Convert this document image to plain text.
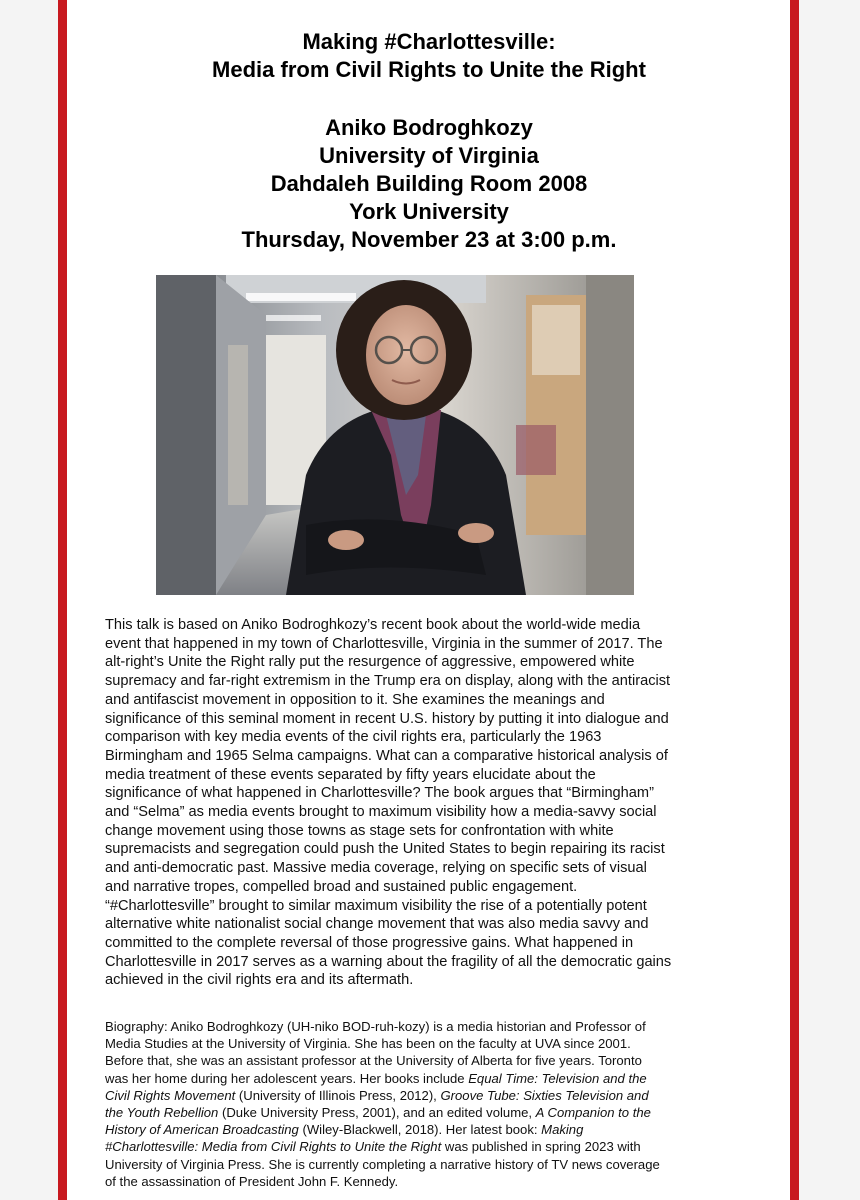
Making #Charlottesville:
Media from Civil Rights to Unite the Right
Aniko Bodroghkozy
University of Virginia
Dahdaleh Building Room 2008
York University
Thursday, November 23 at 3:00 p.m.
This talk is based on Aniko Bodroghkozy’s recent book about the world-wide media
event that happened in my town of Charlottesville, Virginia in the summer of 2017. The
alt-right’s Unite the Right rally put the resurgence of aggressive, empowered white
supremacy and far-right extremism in the Trump era on display, along with the antiracist
and antifascist movement in opposition to it. She examines the meanings and
significance of this seminal moment in recent U.S. history by putting it into dialogue and
comparison with key media events of the civil rights era, particularly the 1963
Birmingham and 1965 Selma campaigns. What can a comparative historical analysis of
media treatment of these events separated by fifty years elucidate about the
significance of what happened in Charlottesville? The book argues that “Birmingham”
and “Selma” as media events brought to maximum visibility how a media-savvy social
change movement using those towns as stage sets for confrontation with white
supremacists and segregation could push the United States to begin repairing its racist
and anti-democratic past. Massive media coverage, relying on specific sets of visual
and narrative tropes, compelled broad and sustained public engagement.
“#Charlottesville” brought to similar maximum visibility the rise of a potentially potent
alternative white nationalist social change movement that was also media savvy and
committed to the complete reversal of those progressive gains. What happened in
Charlottesville in 2017 serves as a warning about the fragility of all the democratic gains
achieved in the civil rights era and its aftermath.
Biography: Aniko Bodroghkozy (UH-niko BOD-ruh-kozy) is a media historian and Professor of
Media Studies at the University of Virginia. She has been on the faculty at UVA since 2001.
Before that, she was an assistant professor at the University of Alberta for five years. Toronto
was her home during her adolescent years. Her books include Equal Time: Television and the
Civil Rights Movement (University of Illinois Press, 2012), Groove Tube: Sixties Television and
the Youth Rebellion (Duke University Press, 2001), and an edited volume, A Companion to the
History of American Broadcasting (Wiley-Blackwell, 2018). Her latest book: Making
#Charlottesville: Media from Civil Rights to Unite the Right was published in spring 2023 with
University of Virginia Press. She is currently completing a narrative history of TV news coverage
of the assassination of President John F. Kennedy.
